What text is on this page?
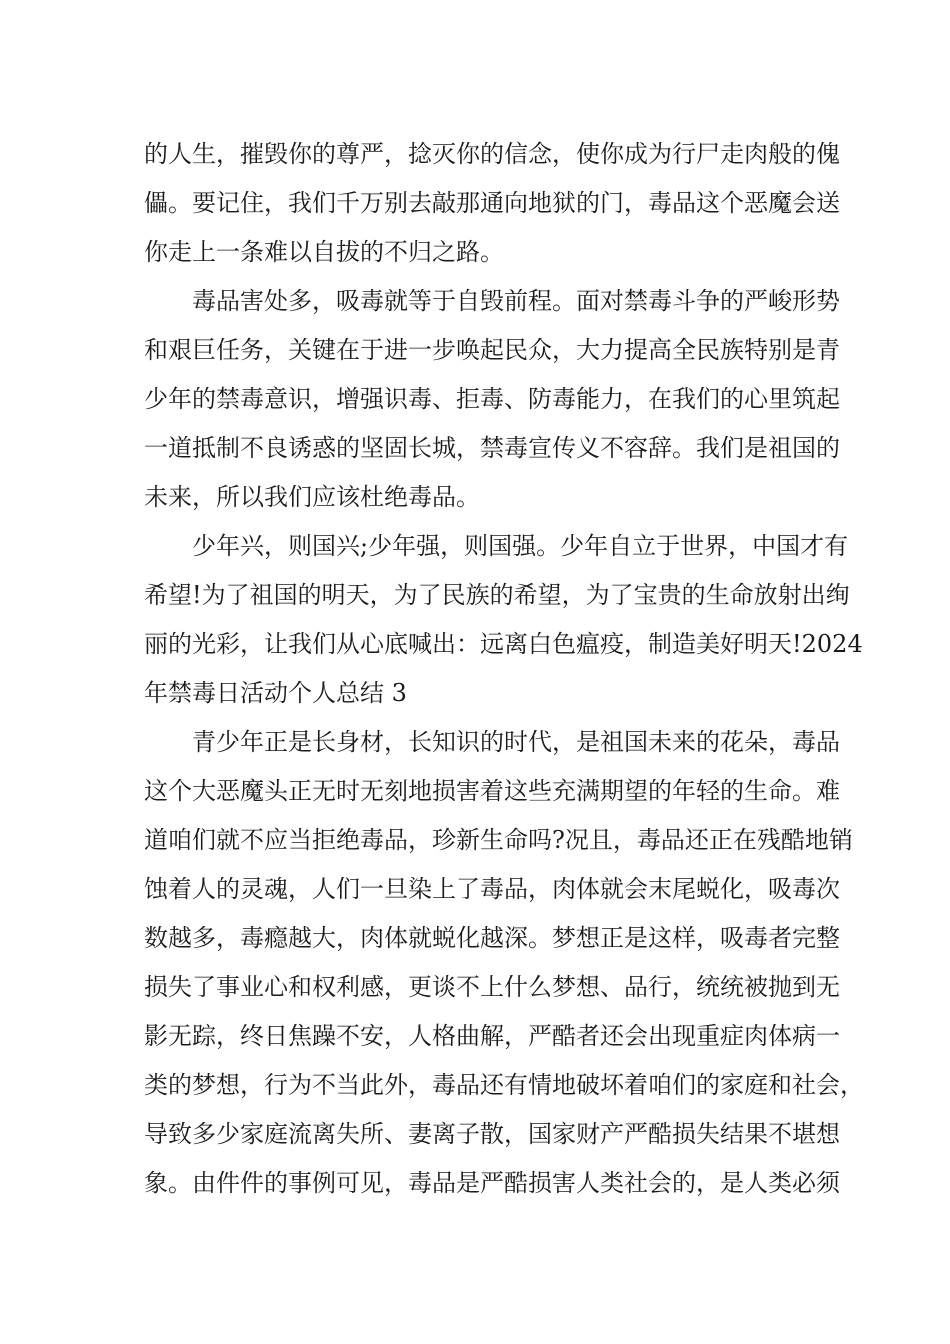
的人生，摧毁你的尊严，捻灭你的信念，使你成为行尸走肉般的傀
儡。要记住，我们千万别去敲那通向地狱的门，毒品这个恶魔会送
你走上一条难以自拔的不归之路。
毒品害处多，吸毒就等于自毁前程。面对禁毒斗争的严峻形势
和艰巨任务，关键在于进一步唤起民众，大力提高全民族特别是青
少年的禁毒意识，增强识毒、拒毒、防毒能力，在我们的心里筑起
一道抵制不良诱惑的坚固长城，禁毒宣传义不容辞。我们是祖国的
未来，所以我们应该杜绝毒品。
少年兴，则国兴;少年强，则国强。少年自立于世界，中国才有
希望!为了祖国的明天，为了民族的希望，为了宝贵的生命放射出绚
丽的光彩，让我们从心底喊出：远离白色瘟疫，制造美好明天!2024
年禁毒日活动个人总结 3
青少年正是长身材，长知识的时代，是祖国未来的花朵，毒品
这个大恶魔头正无时无刻地损害着这些充满期望的年轻的生命。难
道咱们就不应当拒绝毒品，珍新生命吗?况且，毒品还正在残酷地销
蚀着人的灵魂，人们一旦染上了毒品，肉体就会末尾蜕化，吸毒次
数越多，毒瘾越大，肉体就蜕化越深。梦想正是这样，吸毒者完整
损失了事业心和权利感，更谈不上什么梦想、品行，统统被抛到无
影无踪，终日焦躁不安，人格曲解，严酷者还会出现重症肉体病一
类的梦想，行为不当此外，毒品还有情地破坏着咱们的家庭和社会，
导致多少家庭流离失所、妻离子散，国家财产严酷损失结果不堪想
象。由件件的事例可见，毒品是严酷损害人类社会的，是人类必须
